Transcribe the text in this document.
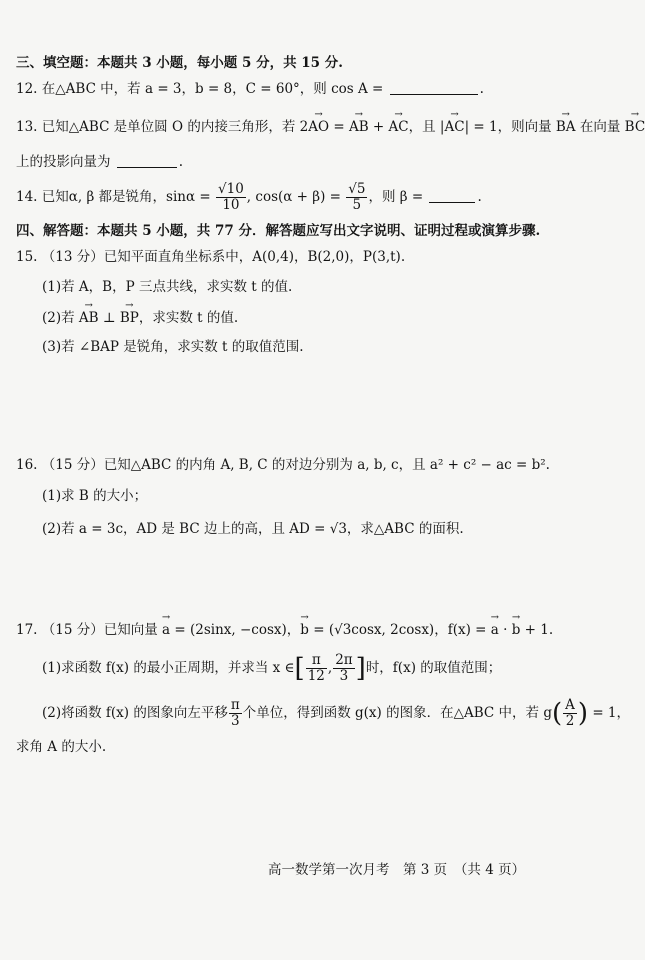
三、填空题：本题共 3 小题，每小题 5 分，共 15 分.
12. 在△ABC 中，若 a = 3，b = 8，C = 60°，则 cos A =	.
13. 已知△ABC 是单位圆 O 的内接三角形，若 2AO → = AB → + AC →，且 |AC →| = 1，则向量 BA → 在向量 BC →
上的投影向量为	.
14. 已知α, β 都是锐角，$\sin\alpha = \frac{√10}{10}$ , $\cos(\alpha + \beta) = \frac{√5}{5}$ ，则 β =	.
四、解答题：本题共 5 小题，共 77 分．解答题应写出文字说明、证明过程或演算步骤.
15. （13 分）已知平面直角坐标系中，A(0,4)，B(2,0)，P(3,t).
(1)若 A，B，P 三点共线，求实数 t 的值.
(2)若 AB → ⊥ BP →，求实数 t 的值.
(3)若 ∠BAP 是锐角，求实数 t 的取值范围.
16. （15 分）已知△ABC 的内角 A, B, C 的对边分别为 a, b, c，且 a² + c² − ac = b².
(1)求 B 的大小；
(2)若 a = 3c，AD 是 BC 边上的高，且 AD = √3，求△ABC 的面积.
17. （15 分）已知向量 a → = (2sinx, −cosx)，b → = (√3cosx, 2cosx)，f(x) = a → · b → + 1.
(1)求函数 f(x) 的最小正周期，并求当 x ∈[ $\frac{\pi}{12}$ , $\frac{2\pi}{3}$ ]时，f(x) 的取值范围；
(2)将函数 f(x) 的图象向左平移 $\frac{\pi}{3}$ 个单位，得到函数 g(x) 的图象．在△ABC 中，若 $g( \frac{A}{2}$ ) = 1，
求角 A 的大小.
高一数学第一次月考　第 3 页　（共 4 页）
